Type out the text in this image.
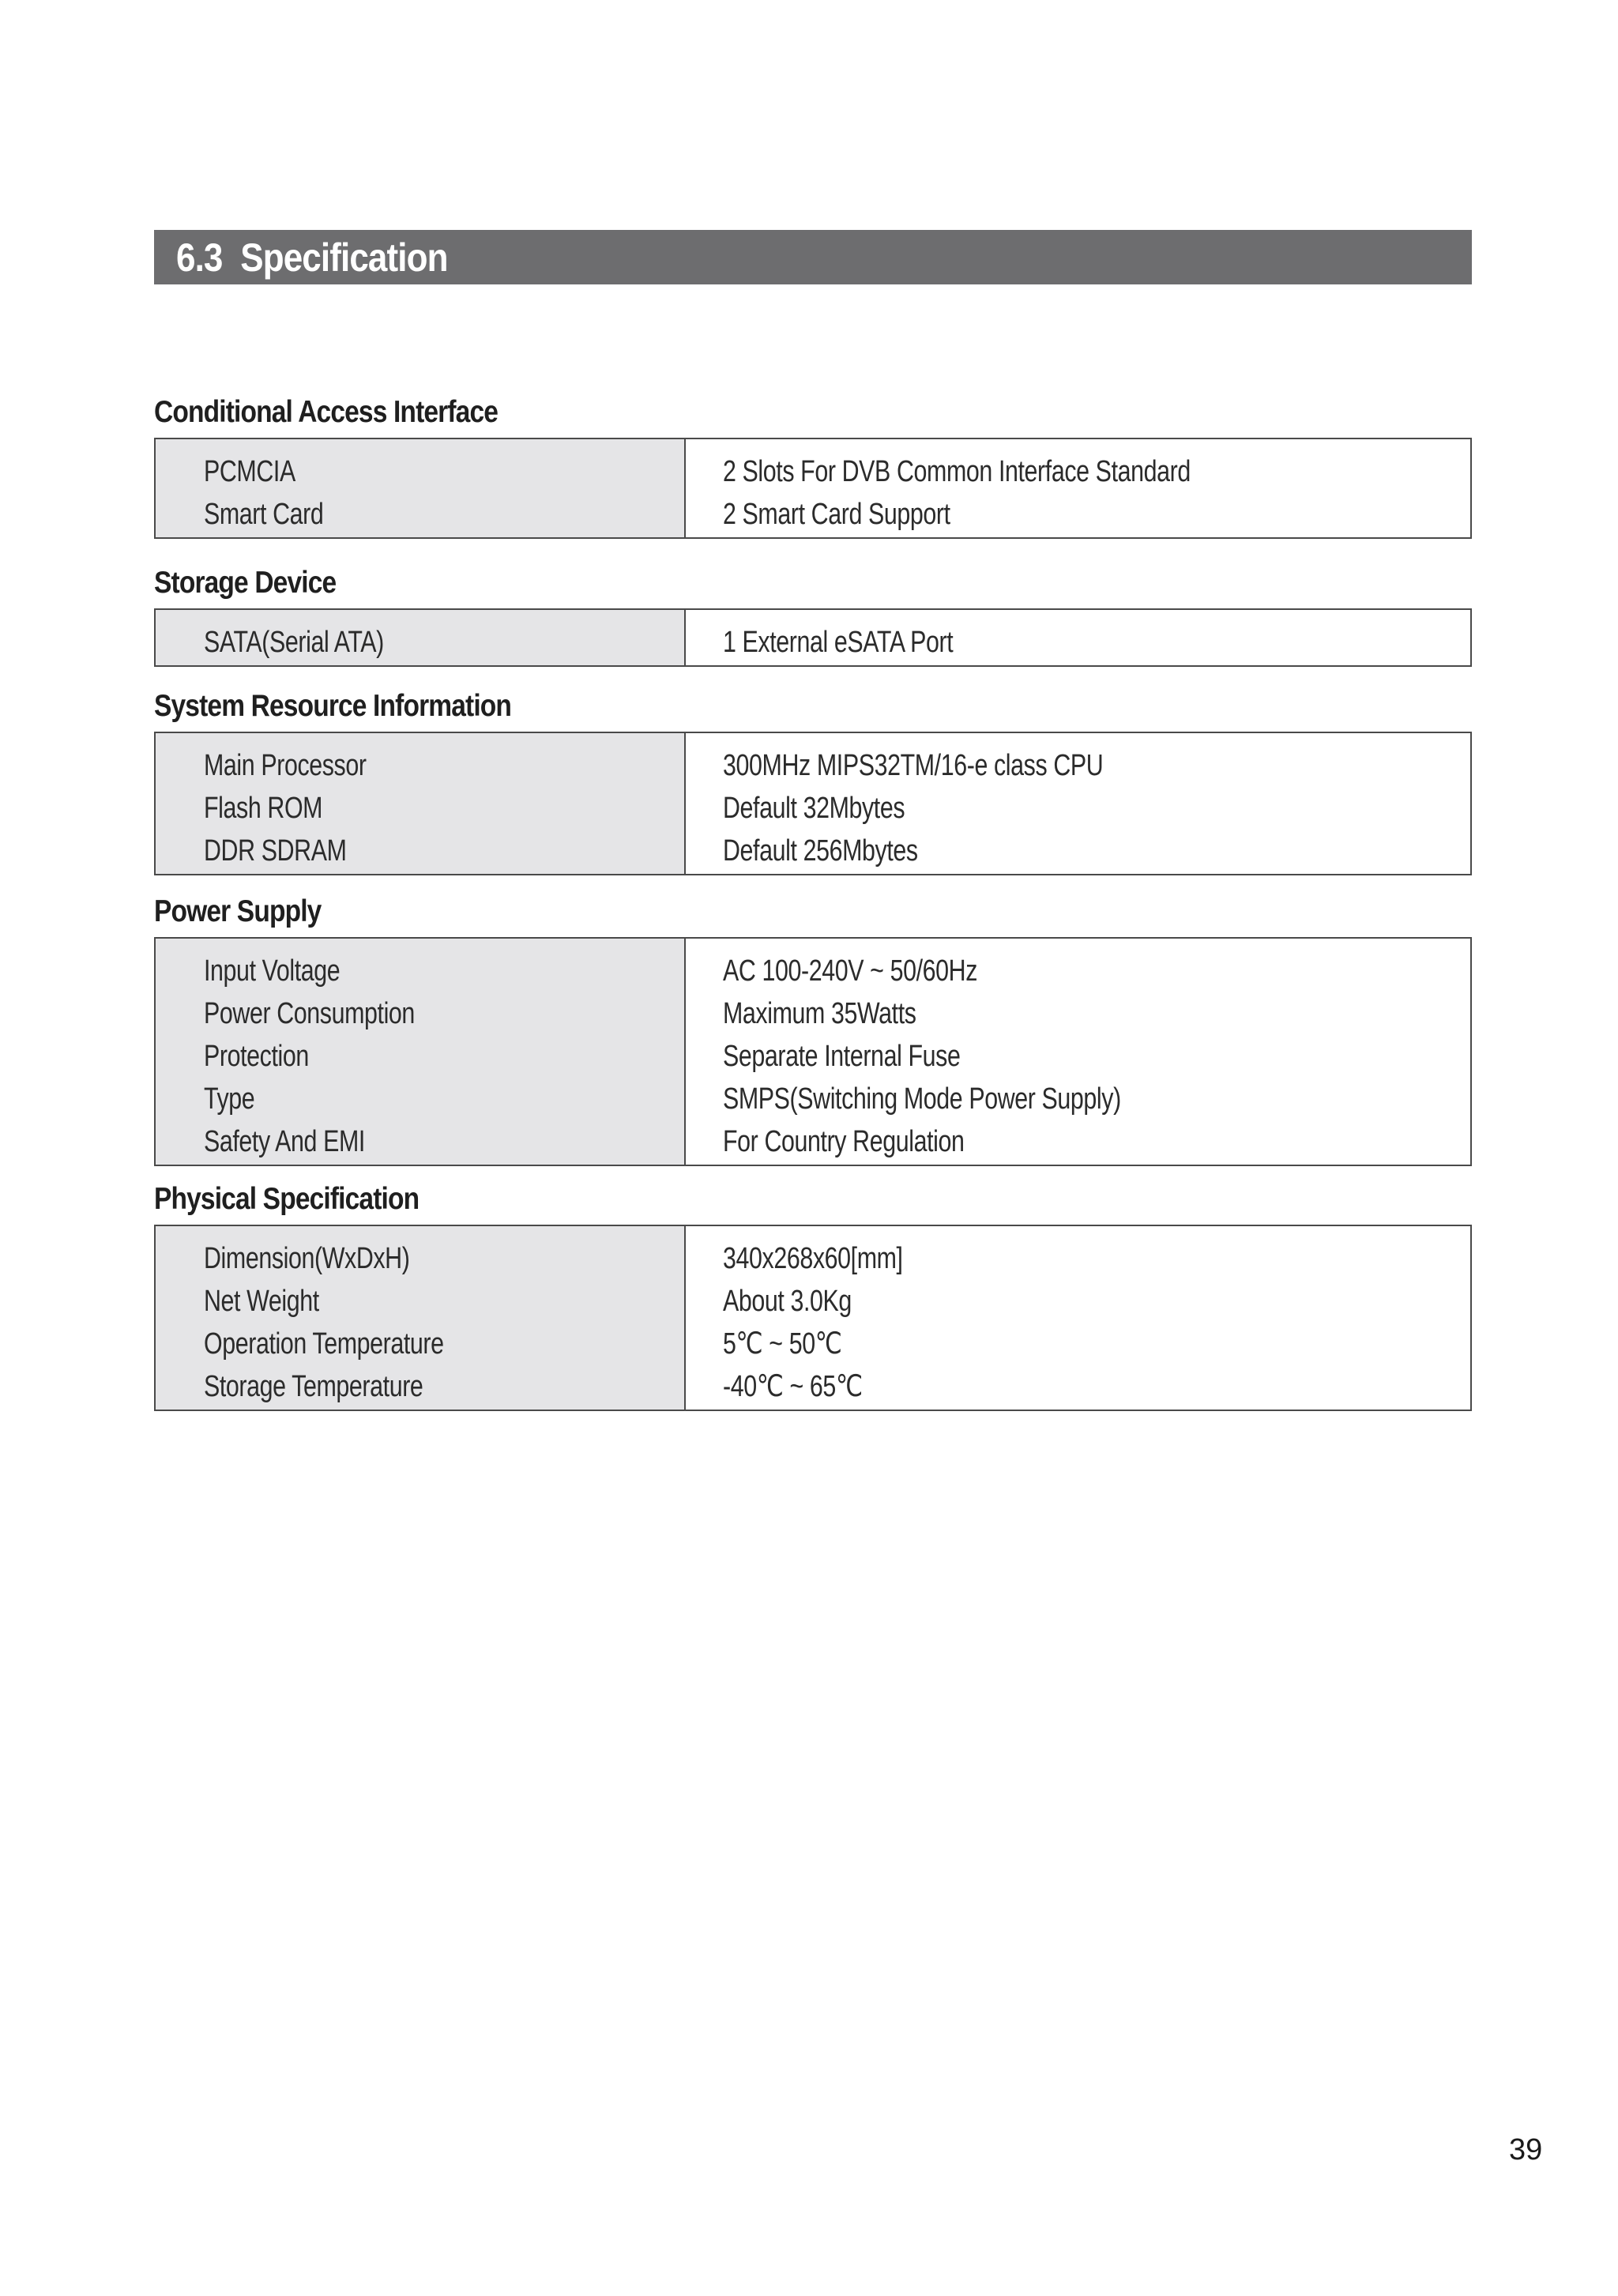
6.3 Specification
Conditional Access Interface
PCMCIA
Smart Card
2 Slots For DVB Common Interface Standard
2 Smart Card Support
Storage Device
SATA(Serial ATA)	1 External eSATA Port
System Resource Information
Main Processor
Flash ROM
DDR SDRAM
300MHz MIPS32TM/16-e class CPU
Default 32Mbytes
Default 256Mbytes
Power Supply
Input Voltage
Power Consumption
Protection
Type
Safety And EMI
AC 100-240V ~ 50/60Hz
Maximum 35Watts
Separate Internal Fuse
SMPS(Switching Mode Power Supply)
For Country Regulation
Physical Specification
Dimension(WxDxH)
Net Weight
Operation Temperature
Storage Temperature
340x268x60[mm]
About 3.0Kg
5℃ ~ 50℃
-40℃ ~ 65℃
39
